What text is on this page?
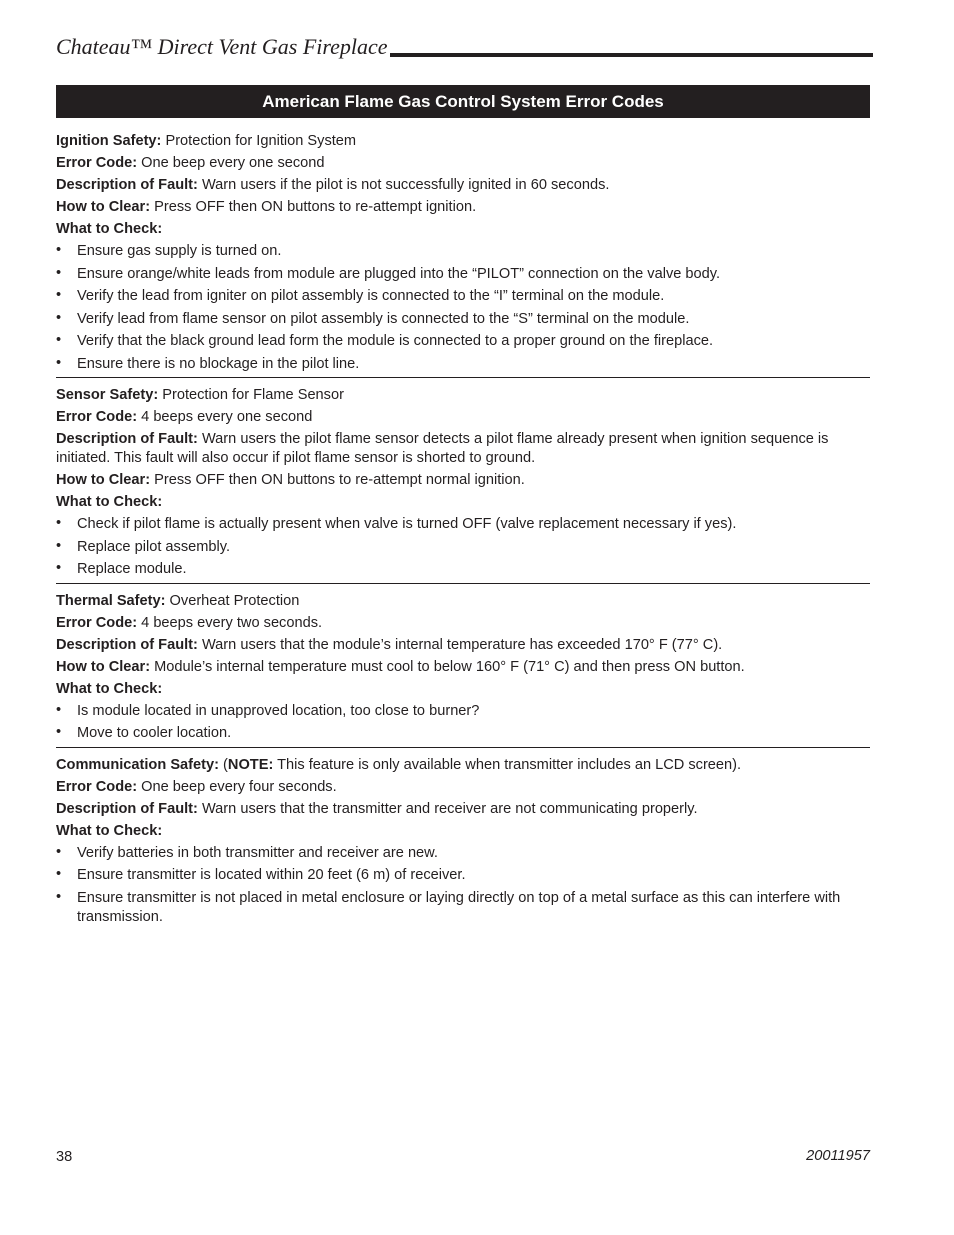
Chateau™ Direct Vent Gas Fireplace
American Flame Gas Control System Error Codes

Ignition Safety: Protection for Ignition System

Error Code: One beep every one second

Description of Fault: Warn users if the pilot is not successfully ignited in 60 seconds.

How to Clear: Press OFF then ON buttons to re-attempt ignition.

What to Check:

• Ensure gas supply is turned on.
• Ensure orange/white leads from module are plugged into the “PILOT” connection on the valve body.
• Verify the lead from igniter on pilot assembly is connected to the “I” terminal on the module.
• Verify lead from flame sensor on pilot assembly is connected to the “S” terminal on the module.
• Verify that the black ground lead form the module is connected to a proper ground on the fireplace.
• Ensure there is no blockage in the pilot line.

Sensor Safety: Protection for Flame Sensor

Error Code: 4 beeps every one second

Description of Fault: Warn users the pilot flame sensor detects a pilot flame already present when ignition sequence is initiated. This fault will also occur if pilot flame sensor is shorted to ground.

How to Clear: Press OFF then ON buttons to re-attempt normal ignition.

What to Check:

• Check if pilot flame is actually present when valve is turned OFF (valve replacement necessary if yes).
• Replace pilot assembly.
• Replace module.

Thermal Safety: Overheat Protection

Error Code: 4 beeps every two seconds.

Description of Fault: Warn users that the module’s internal temperature has exceeded 170° F (77° C).

How to Clear: Module’s internal temperature must cool to below 160° F (71° C) and then press ON button.

What to Check:

• Is module located in unapproved location, too close to burner?
• Move to cooler location.

Communication Safety: (NOTE: This feature is only available when transmitter includes an LCD screen).

Error Code: One beep every four seconds.

Description of Fault: Warn users that the transmitter and receiver are not communicating properly.

What to Check:

• Verify batteries in both transmitter and receiver are new.
• Ensure transmitter is located within 20 feet (6 m) of receiver.
• Ensure transmitter is not placed in metal enclosure or laying directly on top of a metal surface as this can interfere with transmission.
38	20011957
